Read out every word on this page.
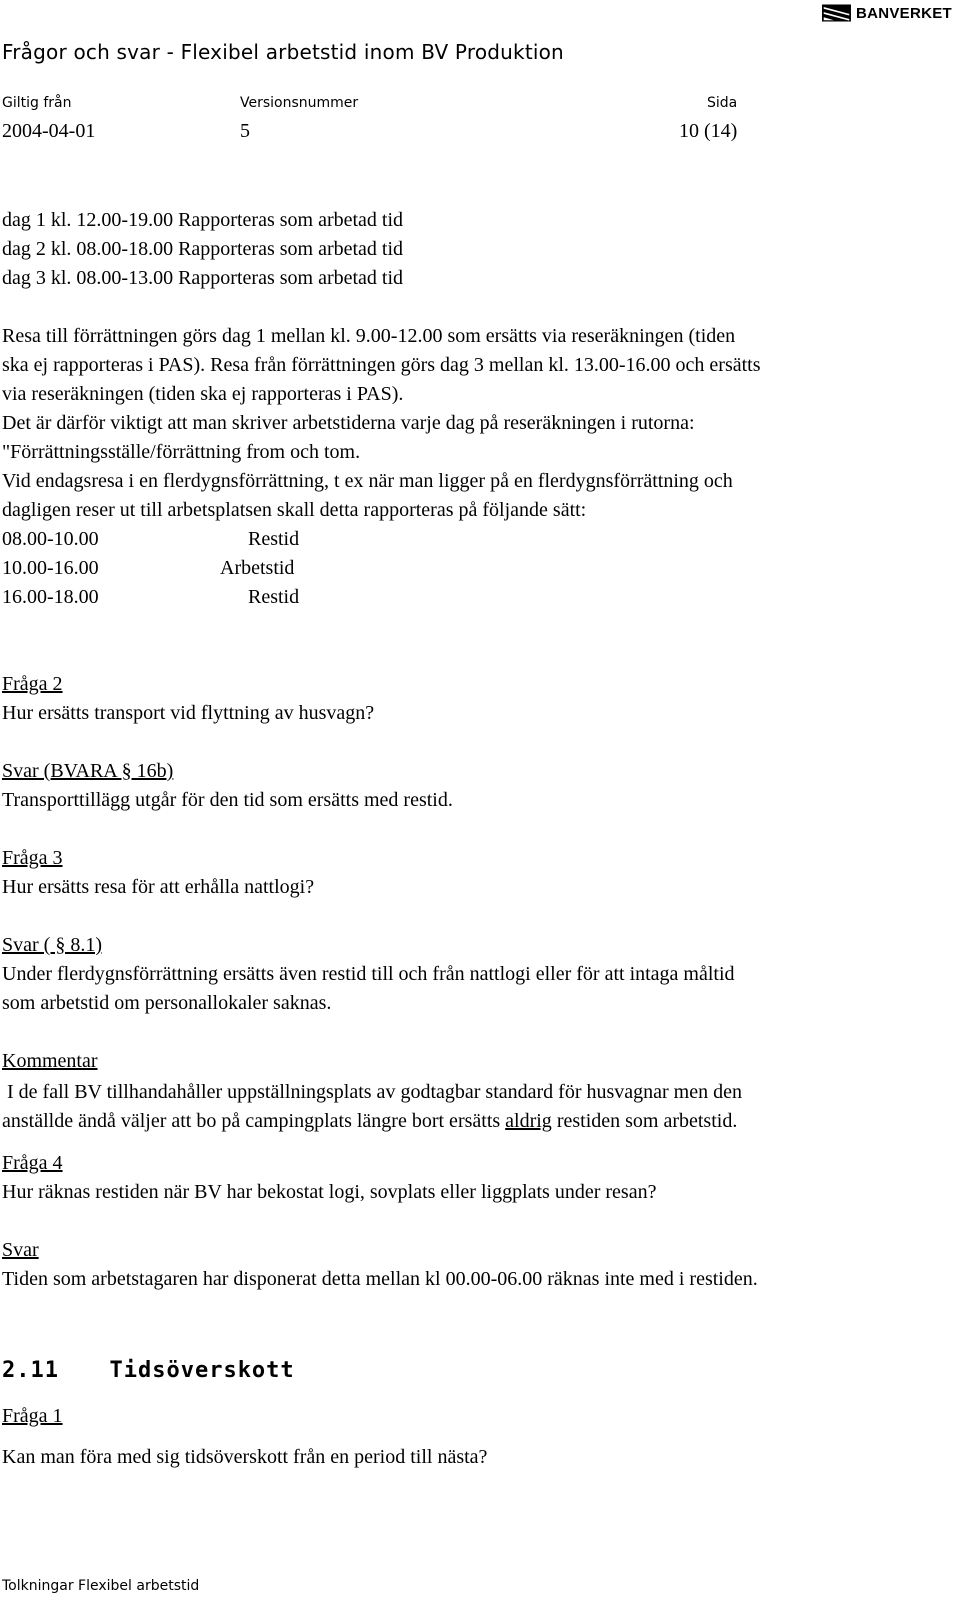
BANVERKET
Frågor och svar - Flexibel arbetstid inom BV Produktion
Giltig från	Versionsnummer	Sida
2004-04-01	5	10 (14)
dag 1 kl. 12.00-19.00 Rapporteras som arbetad tid
dag 2 kl. 08.00-18.00 Rapporteras som arbetad tid
dag 3 kl. 08.00-13.00 Rapporteras som arbetad tid
Resa till förrättningen görs dag 1 mellan kl. 9.00-12.00 som ersätts via reseräkningen (tiden
ska ej rapporteras i PAS). Resa från förrättningen görs dag 3 mellan kl. 13.00-16.00 och ersätts
via reseräkningen (tiden ska ej rapporteras i PAS).
Det är därför viktigt att man skriver arbetstiderna varje dag på reseräkningen i rutorna:
"Förrättningsställe/förrättning from och tom.
Vid endagsresa i en flerdygnsförrättning, t ex när man ligger på en flerdygnsförrättning och
dagligen reser ut till arbetsplatsen skall detta rapporteras på följande sätt:
08.00-10.00	Restid
10.00-16.00	Arbetstid
16.00-18.00	Restid
Fråga 2
Hur ersätts transport vid flyttning av husvagn?
Svar (BVARA § 16b)
Transporttillägg utgår för den tid som ersätts med restid.
Fråga 3
Hur ersätts resa för att erhålla nattlogi?
Svar ( § 8.1)
Under flerdygnsförrättning ersätts även restid till och från nattlogi eller för att intaga måltid
som arbetstid om personallokaler saknas.
Kommentar
I de fall BV tillhandahåller uppställningsplats av godtagbar standard för husvagnar men den
anställde ändå väljer att bo på campingplats längre bort ersätts aldrig restiden som arbetstid.
Fråga 4
Hur räknas restiden när BV har bekostat logi, sovplats eller liggplats under resan?
Svar
Tiden som arbetstagaren har disponerat detta mellan kl 00.00-06.00 räknas inte med i restiden.
Fråga 1
Kan man föra med sig tidsöverskott från en period till nästa?
2.11 Tidsöverskott
Tolkningar Flexibel arbetstid
